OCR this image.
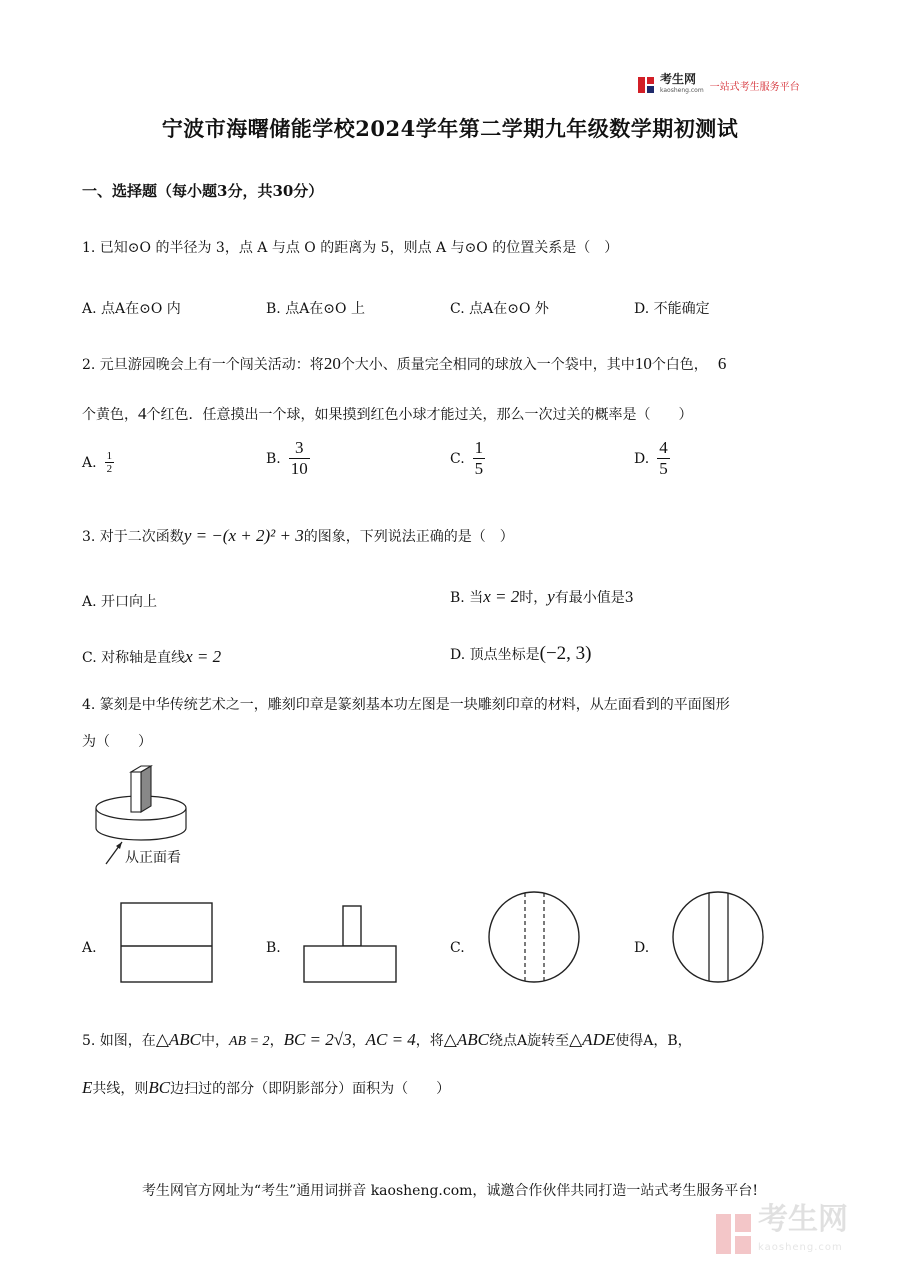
考生网
kaosheng.com 一站式考生服务平台
宁波市海曙储能学校2024学年第二学期九年级数学期初测试
一、选择题（每小题3分，共30分）
1. 已知⊙O 的半径为 3，点 A 与点 O 的距离为 5，则点 A 与⊙O 的位置关系是（　）
A. 点A在⊙O 内	B. 点A在⊙O 上	C. 点A在⊙O 外	D. 不能确定
2. 元旦游园晚会上有一个闯关活动：将20个大小、质量完全相同的球放入一个袋中，其中10个白色， 6
个黄色，4个红色．任意摸出一个球，如果摸到红色小球才能过关，那么一次过关的概率是（　　）
A. $\frac{1}{2}$	B. $\frac{3}{10}$	C. $\frac{1}{5}$	D. $\frac{4}{5}$
3. 对于二次函数y = −(x + 2)² + 3的图象，下列说法正确的是（　）
A. 开口向上	B. 当x = 2时，y有最小值是3
C. 对称轴是直线x = 2	D. 顶点坐标是(−2, 3)
4. 篆刻是中华传统艺术之一，雕刻印章是篆刻基本功左图是一块雕刻印章的材料，从左面看到的平面图形
为（　　）
从正面看
A.	B.	C.	D.
5. 如图，在△ABC中，AB = 2，BC = 2√3，AC = 4，将△ABC绕点A旋转至△ADE使得A，B，
E共线，则BC边扫过的部分（即阴影部分）面积为（　　）
考生网官方网址为“考生”通用词拼音 kaosheng.com，诚邀合作伙伴共同打造一站式考生服务平台!
考生网
kaosheng.com
